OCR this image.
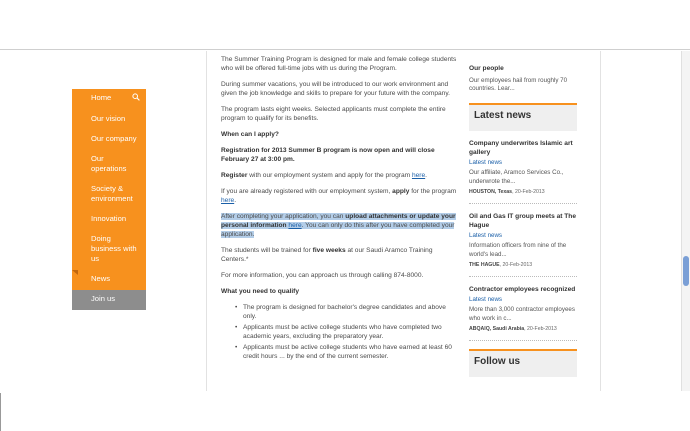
Home
Our vision
Our company
Our operations
Society & environment
Innovation
Doing business with us
News
Join us

The Summer Training Program is designed for male and female college students who will be offered full-time jobs with us during the Program.

During summer vacations, you will be introduced to our work environment and given the job knowledge and skills to prepare for your future with the company.

The program lasts eight weeks. Selected applicants must complete the entire program to qualify for its benefits.

When can I apply?

Registration for 2013 Summer B program is now open and will close February 27 at 3:00 pm.

Register with our employment system and apply for the program here.

If you are already registered with our employment system, apply for the program here.

After completing your application, you can upload attachments or update your personal information here. You can only do this after you have completed your application.

The students will be trained for five weeks at our Saudi Aramco Training Centers.*

For more information, you can approach us through calling 874-8000.

What you need to qualify

• The program is designed for bachelor's degree candidates and above only.
• Applicants must be active college students who have completed two academic years, excluding the preparatory year.
• Applicants must be active college students who have earned at least 60 credit hours ... by the end of the current semester.
Our people
Our employees hail from roughly 70 countries. Lear...
Latest news
Company underwrites Islamic art gallery
Latest news
Our affiliate, Aramco Services Co., underwrote the...
HOUSTON, Texas, 20-Feb-2013
Oil and Gas IT group meets at The Hague
Latest news
Information officers from nine of the world's lead...
THE HAGUE, 20-Feb-2013
Contractor employees recognized
Latest news
More than 3,000 contractor employees who work in c...
ABQAIQ, Saudi Arabia, 20-Feb-2013
Follow us
